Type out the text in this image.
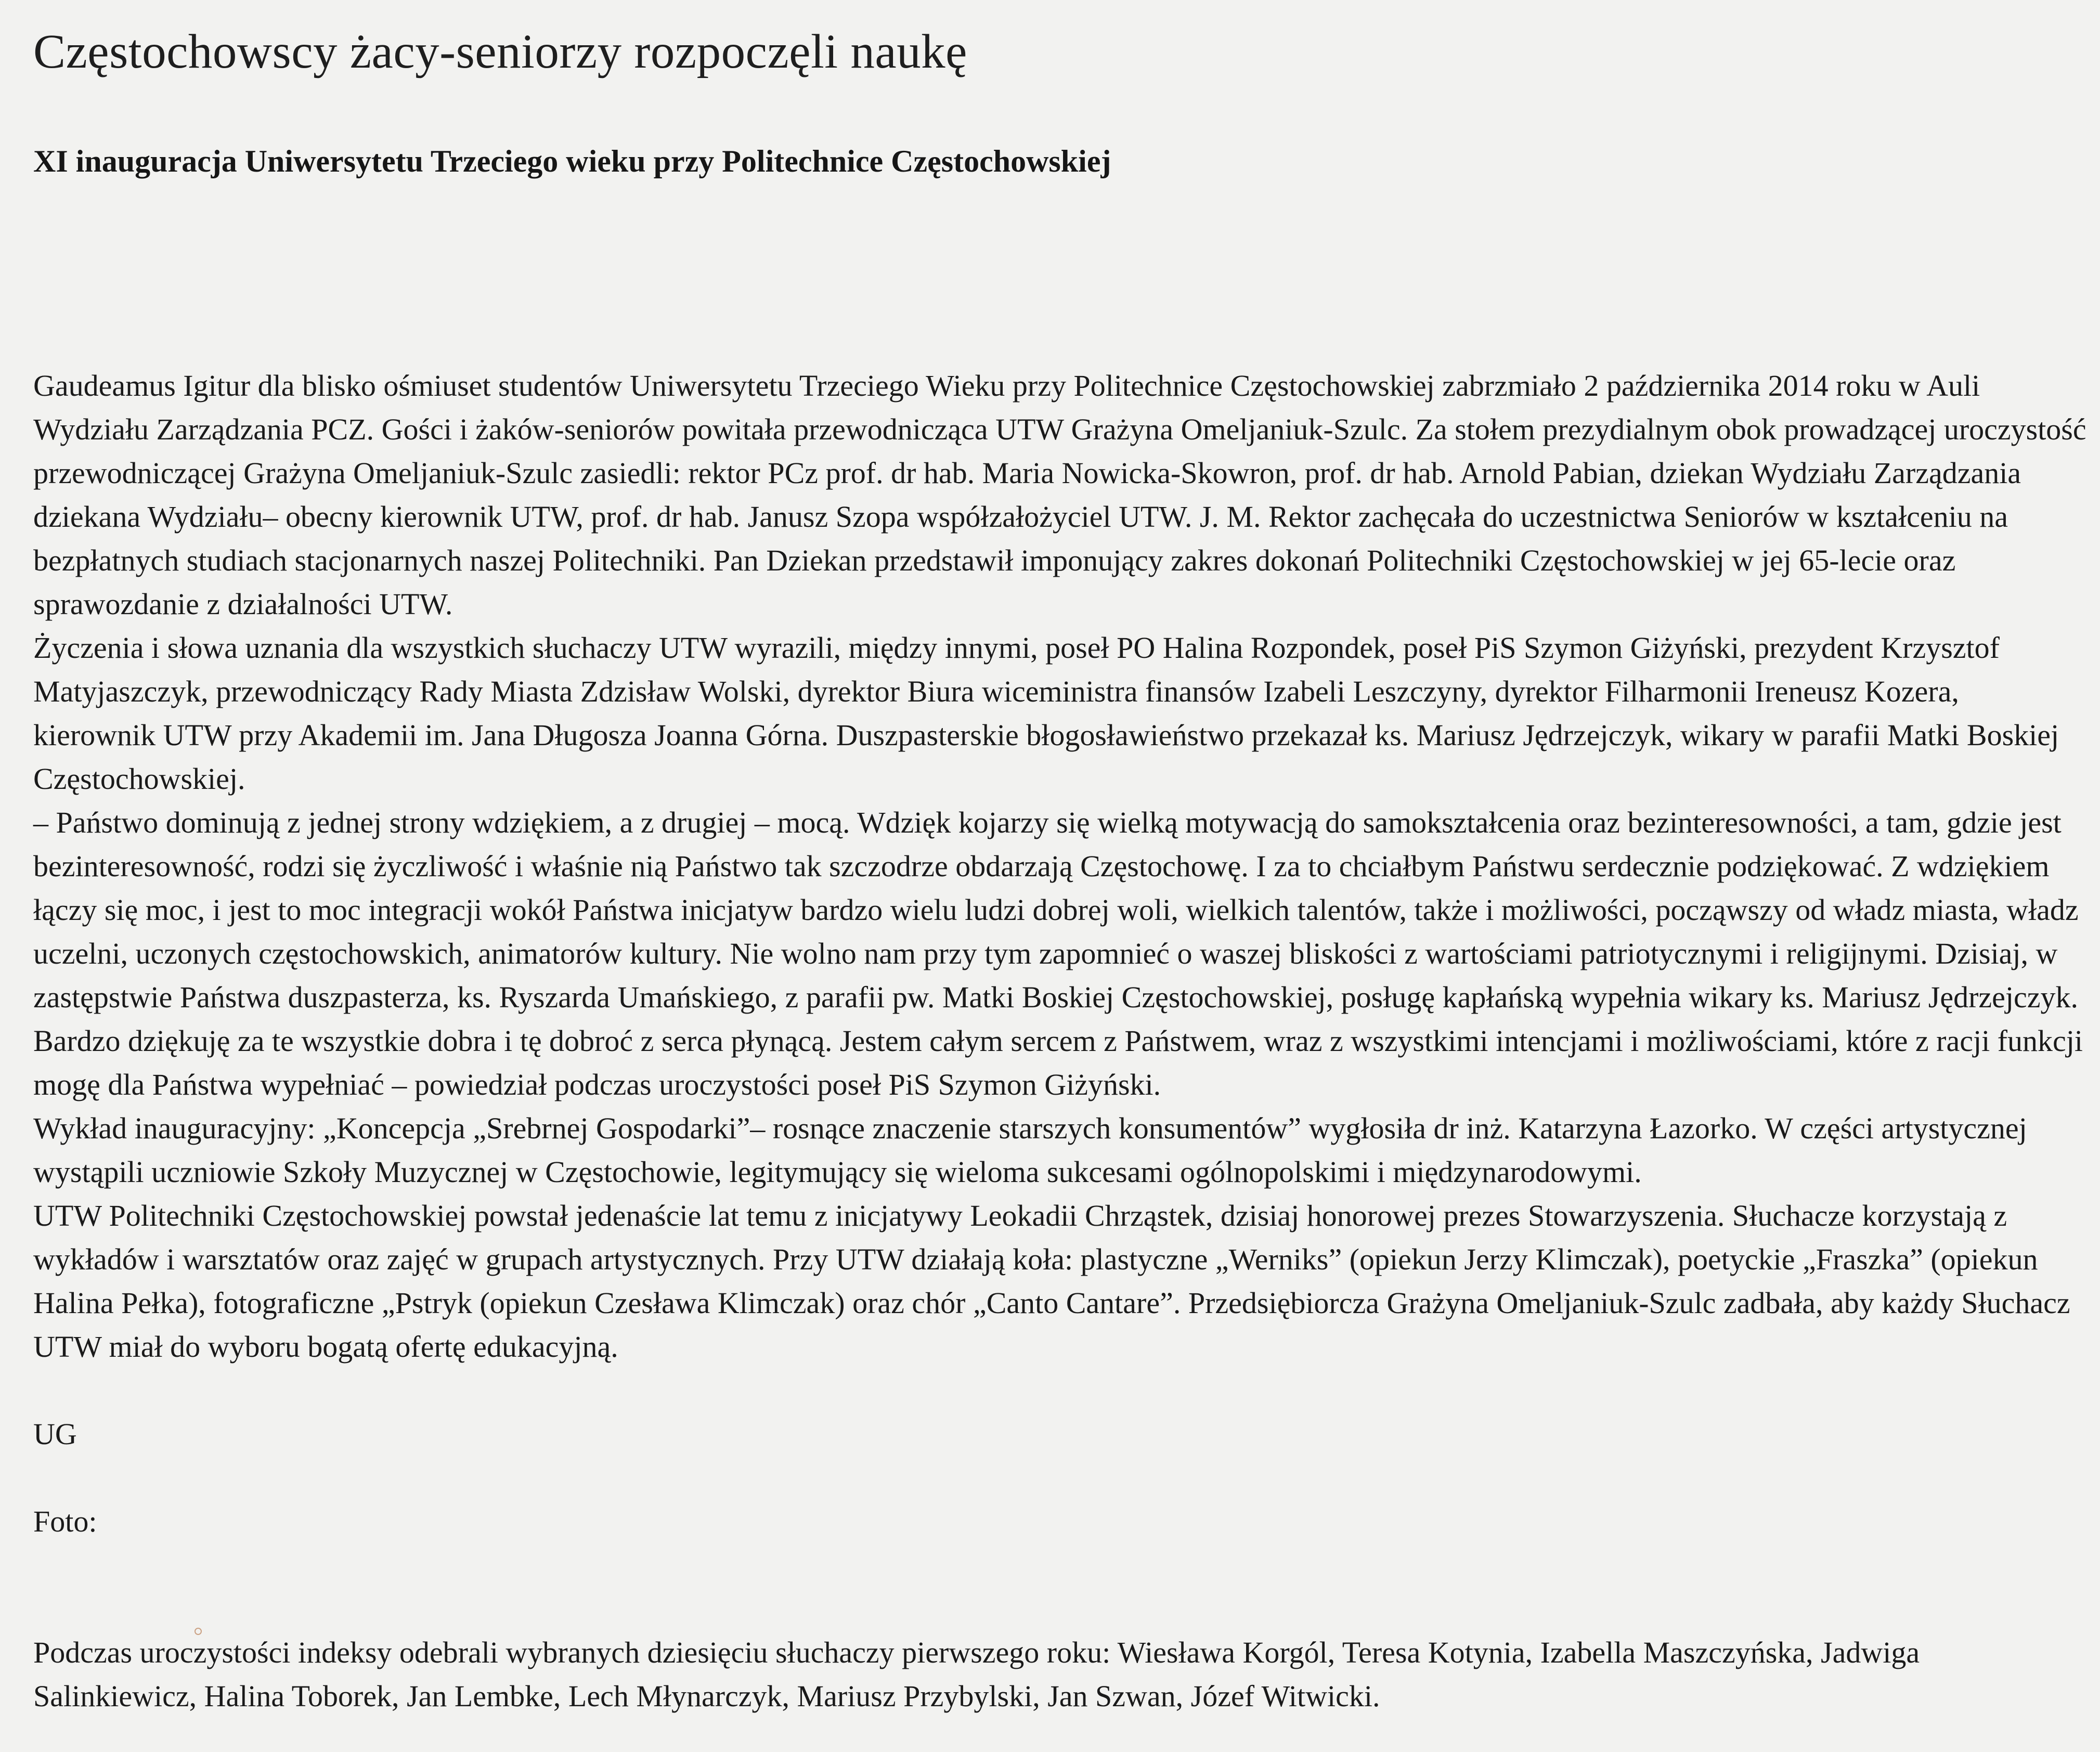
Częstochowscy żacy-seniorzy rozpoczęli naukę
XI inauguracja Uniwersytetu Trzeciego wieku przy Politechnice Częstochowskiej

Gaudeamus Igitur dla blisko ośmiuset studentów Uniwersytetu Trzeciego Wieku przy Politechnice Częstochowskiej zabrzmiało 2 października 2014 roku w Auli Wydziału Zarządzania PCZ. Gości i żaków-seniorów powitała przewodnicząca UTW Grażyna Omeljaniuk-Szulc. Za stołem prezydialnym obok prowadzącej uroczystość przewodniczącej Grażyna Omeljaniuk-Szulc zasiedli: rektor PCz prof. dr hab. Maria Nowicka-Skowron, prof. dr hab. Arnold Pabian, dziekan Wydziału Zarządzania dziekana Wydziału– obecny kierownik UTW, prof. dr hab. Janusz Szopa współzałożyciel UTW. J. M. Rektor zachęcała do uczestnictwa Seniorów w kształceniu na bezpłatnych studiach stacjonarnych naszej Politechniki. Pan Dziekan przedstawił imponujący zakres dokonań Politechniki Częstochowskiej w jej 65-lecie oraz sprawozdanie z działalności UTW.

Życzenia i słowa uznania dla wszystkich słuchaczy UTW wyrazili, między innymi, poseł PO Halina Rozpondek, poseł PiS Szymon Giżyński, prezydent Krzysztof Matyjaszczyk, przewodniczący Rady Miasta Zdzisław Wolski, dyrektor Biura wiceministra finansów Izabeli Leszczyny, dyrektor Filharmonii Ireneusz Kozera, kierownik UTW przy Akademii im. Jana Długosza Joanna Górna. Duszpasterskie błogosławieństwo przekazał ks. Mariusz Jędrzejczyk, wikary w parafii Matki Boskiej Częstochowskiej.

– Państwo dominują z jednej strony wdziękiem, a z drugiej – mocą. Wdzięk kojarzy się wielką motywacją do samokształcenia oraz bezinteresowności, a tam, gdzie jest bezinteresowność, rodzi się życzliwość i właśnie nią Państwo tak szczodrze obdarzają Częstochowę. I za to chciałbym Państwu serdecznie podziękować. Z wdziękiem łączy się moc, i jest to moc integracji wokół Państwa inicjatyw bardzo wielu ludzi dobrej woli, wielkich talentów, także i możliwości, począwszy od władz miasta, władz uczelni, uczonych częstochowskich, animatorów kultury. Nie wolno nam przy tym zapomnieć o waszej bliskości z wartościami patriotycznymi i religijnymi. Dzisiaj, w zastępstwie Państwa duszpasterza, ks. Ryszarda Umańskiego, z parafii pw. Matki Boskiej Częstochowskiej, posługę kapłańską wypełnia wikary ks. Mariusz Jędrzejczyk. Bardzo dziękuję za te wszystkie dobra i tę dobroć z serca płynącą. Jestem całym sercem z Państwem, wraz z wszystkimi intencjami i możliwościami, które z racji funkcji mogę dla Państwa wypełniać – powiedział podczas uroczystości poseł PiS Szymon Giżyński.

Wykład inauguracyjny: „Koncepcja „Srebrnej Gospodarki”– rosnące znaczenie starszych konsumentów” wygłosiła dr inż. Katarzyna Łazorko. W części artystycznej wystąpili uczniowie Szkoły Muzycznej w Częstochowie, legitymujący się wieloma sukcesami ogólnopolskimi i międzynarodowymi.

UTW Politechniki Częstochowskiej powstał jedenaście lat temu z inicjatywy Leokadii Chrząstek, dzisiaj honorowej prezes Stowarzyszenia. Słuchacze korzystają z wykładów i warsztatów oraz zajęć w grupach artystycznych. Przy UTW działają koła: plastyczne „Werniks” (opiekun Jerzy Klimczak), poetyckie „Fraszka” (opiekun Halina Pełka), fotograficzne „Pstryk (opiekun Czesława Klimczak) oraz chór „Canto Cantare”. Przedsiębiorcza Grażyna Omeljaniuk-Szulc zadbała, aby każdy Słuchacz UTW miał do wyboru bogatą ofertę edukacyjną.

UG
Foto:
Podczas uroczystości indeksy odebrali wybranych dziesięciu słuchaczy pierwszego roku: Wiesława Korgól, Teresa Kotynia, Izabella Maszczyńska, Jadwiga Salinkiewicz, Halina Toborek, Jan Lembke, Lech Młynarczyk, Mariusz Przybylski, Jan Szwan, Józef Witwicki.
